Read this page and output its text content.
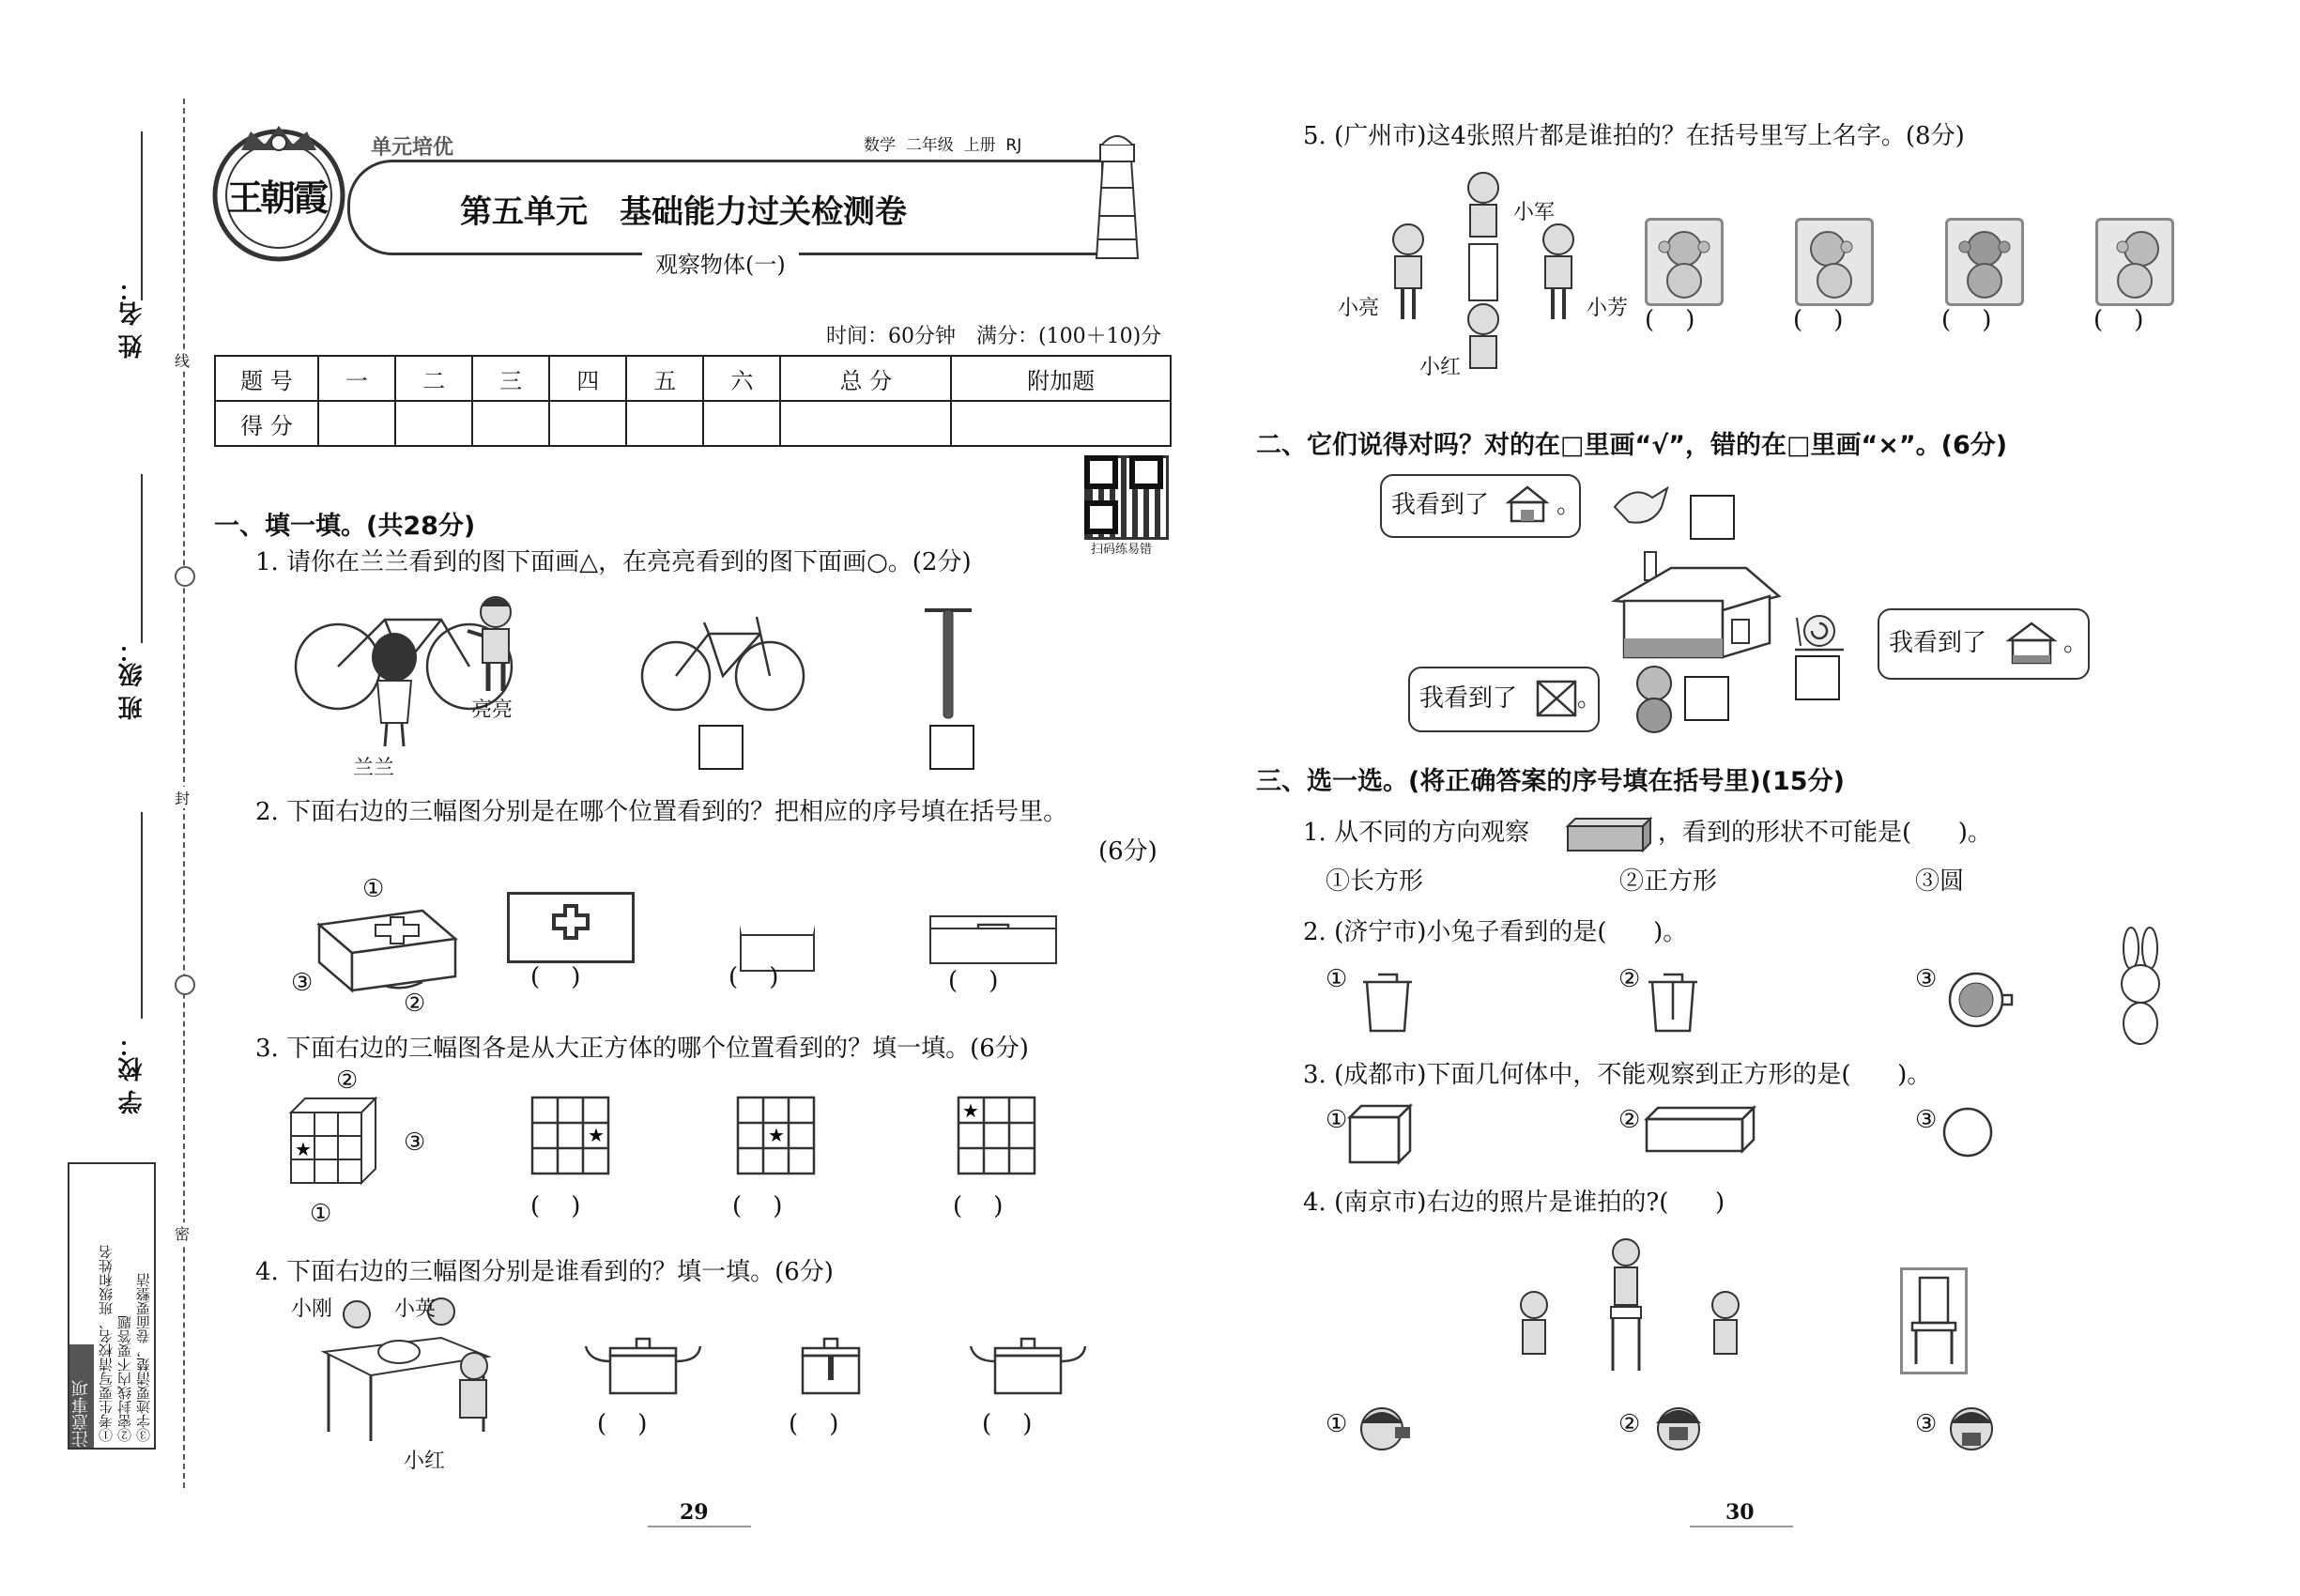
姓 名：
班 级：
学 校：
线
封
密
注意事项 ①考生要写清校名、班级和姓名 ②密封线内不要答题 ③字迹要清楚，卷面要整洁
王朝霞
单元培优	数学  二年级  上册  RJ
第五单元　基础能力过关检测卷
观察物体(一)
时间：60分钟　满分：(100＋10)分
题 号	一	二	三	四	五	六	总 分	附加题
得 分								
扫码练易错
一、填一填。(共28分)
1. 请你在兰兰看到的图下面画△，在亮亮看到的图下面画○。(2分)
兰兰
亮亮
2. 下面右边的三幅图分别是在哪个位置看到的？把相应的序号填在括号里。
(6分)
①
②
③	(    )	(    )	(    )
3. 下面右边的三幅图各是从大正方体的哪个位置看到的？填一填。(6分)
★
②
③
①
★
(    )
★
(    )
★
(    )
4. 下面右边的三幅图分别是谁看到的？填一填。(6分)
小刚	小英
小红
(    )	(    )	(    )
29
5. (广州市)这4张照片都是谁拍的？在括号里写上名字。(8分)
小军
小亮	小芳
小红
(    )	(    )	(    )	(    )
二、它们说得对吗？对的在□里画“√”，错的在□里画“×”。(6分)
我看到了	。
我看到了	。
我看到了 。
三、选一选。(将正确答案的序号填在括号里)(15分)
1. 从不同的方向观察	，看到的形状不可能是(      )。
①长方形	②正方形	③圆
2. (济宁市)小兔子看到的是(      )。
①	②	③
3. (成都市)下面几何体中，不能观察到正方形的是(      )。
①	②	③
4. (南京市)右边的照片是谁拍的?(      )
①	②	③
30
